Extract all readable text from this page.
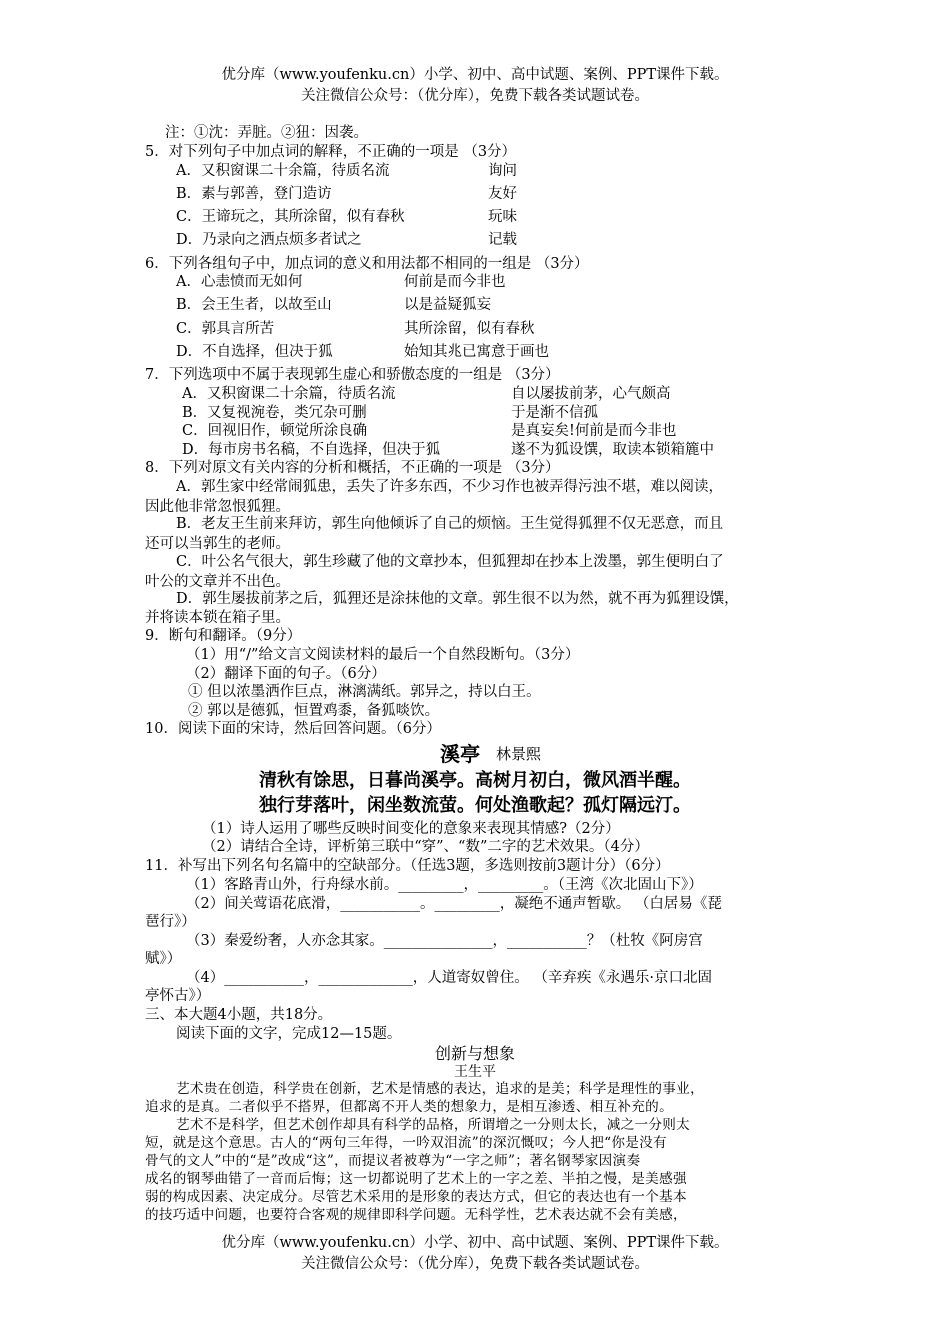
优分库（www.youfenku.cn）小学、初中、高中试题、案例、PPT课件下载。
关注微信公众号：（优分库），免费下载各类试题试卷。
注：①沈：弄脏。②狃：因袭。
5．对下列句子中加点词的解释，不正确的一项是 （3分）
A．又积窗课二十余篇，待质名流	询问
B．素与郭善，登门造访	友好
C．王谛玩之，其所涂留，似有春秋	玩味
D．乃录向之洒点烦多者试之	记载
6．下列各组句子中，加点词的意义和用法都不相同的一组是 （3分）
A．心恚愤而无如何	何前是而今非也
B．会王生者，以故至山	以是益疑狐妄
C．郭具言所苦	其所涂留，似有春秋
D．不自选择，但决于狐	始知其兆已寓意于画也
7．下列选项中不属于表现郭生虚心和骄傲态度的一组是 （3分）
A．又积窗课二十余篇，待质名流	自以屡拔前茅，心气颇高
B．又复视涴卷，类冗杂可删	于是渐不信孤
C．回视旧作，顿觉所涂良确	是真妄矣!何前是而今非也
D．每市房书名稿，不自选择，但决于狐	遂不为狐设馔，取读本锁箱簏中
8．下列对原文有关内容的分析和概括，不正确的一项是 （3分）
A．郭生家中经常闹狐患，丢失了许多东西，不少习作也被弄得污浊不堪，难以阅读，
因此他非常忽恨狐狸。
B．老友王生前来拜访，郭生向他倾诉了自己的烦恼。王生觉得狐狸不仅无恶意，而且
还可以当郭生的老师。
C．叶公名气很大，郭生珍藏了他的文章抄本，但狐狸却在抄本上泼墨，郭生便明白了
叶公的文章并不出色。
D．郭生屡拔前茅之后，狐狸还是涂抹他的文章。郭生很不以为然，就不再为狐狸设馔，
并将读本锁在箱子里。
9．断句和翻译。（9分）
（1）用“/”给文言文阅读材料的最后一个自然段断句。（3分）
（2）翻译下面的句子。（6分）
① 但以浓墨洒作巨点，淋漓满纸。郭异之，持以白王。
② 郭以是德狐，恒置鸡黍，备狐啖饮。
10．阅读下面的宋诗，然后回答问题。（6分）
溪亭 林景熙
清秋有馀思，日暮尚溪亭。高树月初白，微风酒半醒。
独行芽落叶，闲坐数流萤。何处渔歌起？孤灯隔远汀。
（1）诗人运用了哪些反映时间变化的意象来表现其情感?（2分）
（2）请结合全诗，评析第三联中“穿”、“数”二字的艺术效果。（4分）
11．补写出下列名句名篇中的空缺部分。（任选3题，多选则按前3题计分）（6分）
（1）客路青山外，行舟绿水前。_________，_________。（王湾《次北固山下》）
（2）间关莺语花底滑，___________。_________，凝绝不通声暂歇。 （白居易《琵
琶行》）
（3）秦爱纷奢，人亦念其家。_______________，___________？（杜牧《阿房宫
赋》）
（4）___________，_____________，人道寄奴曾住。 （辛弃疾《永遇乐·京口北固
亭怀古》）
三、本大题4小题，共18分。
阅读下面的文字，完成12—15题。
创新与想象
王生平
艺术贵在创造，科学贵在创新，艺术是情感的表达，追求的是美；科学是理性的事业，
追求的是真。二者似乎不搭界，但都离不开人类的想象力，是相互渗透、相互补充的。
艺术不是科学，但艺术创作却具有科学的品格，所谓增之一分则太长，减之一分则太
短，就是这个意思。古人的“两句三年得，一吟双泪流”的深沉慨叹；今人把“你是没有
骨气的文人”中的“是”改成“这”，而提议者被尊为“一字之师”；著名钢琴家因演奏
成名的钢琴曲错了一音而后悔；这一切都说明了艺术上的一字之差、半拍之慢，是美感强
弱的构成因素、决定成分。尽管艺术采用的是形象的表达方式，但它的表达也有一个基本
的技巧适中问题，也要符合客观的规律即科学问题。无科学性，艺术表达就不会有美感，
优分库（www.youfenku.cn）小学、初中、高中试题、案例、PPT课件下载。
关注微信公众号：（优分库），免费下载各类试题试卷。
